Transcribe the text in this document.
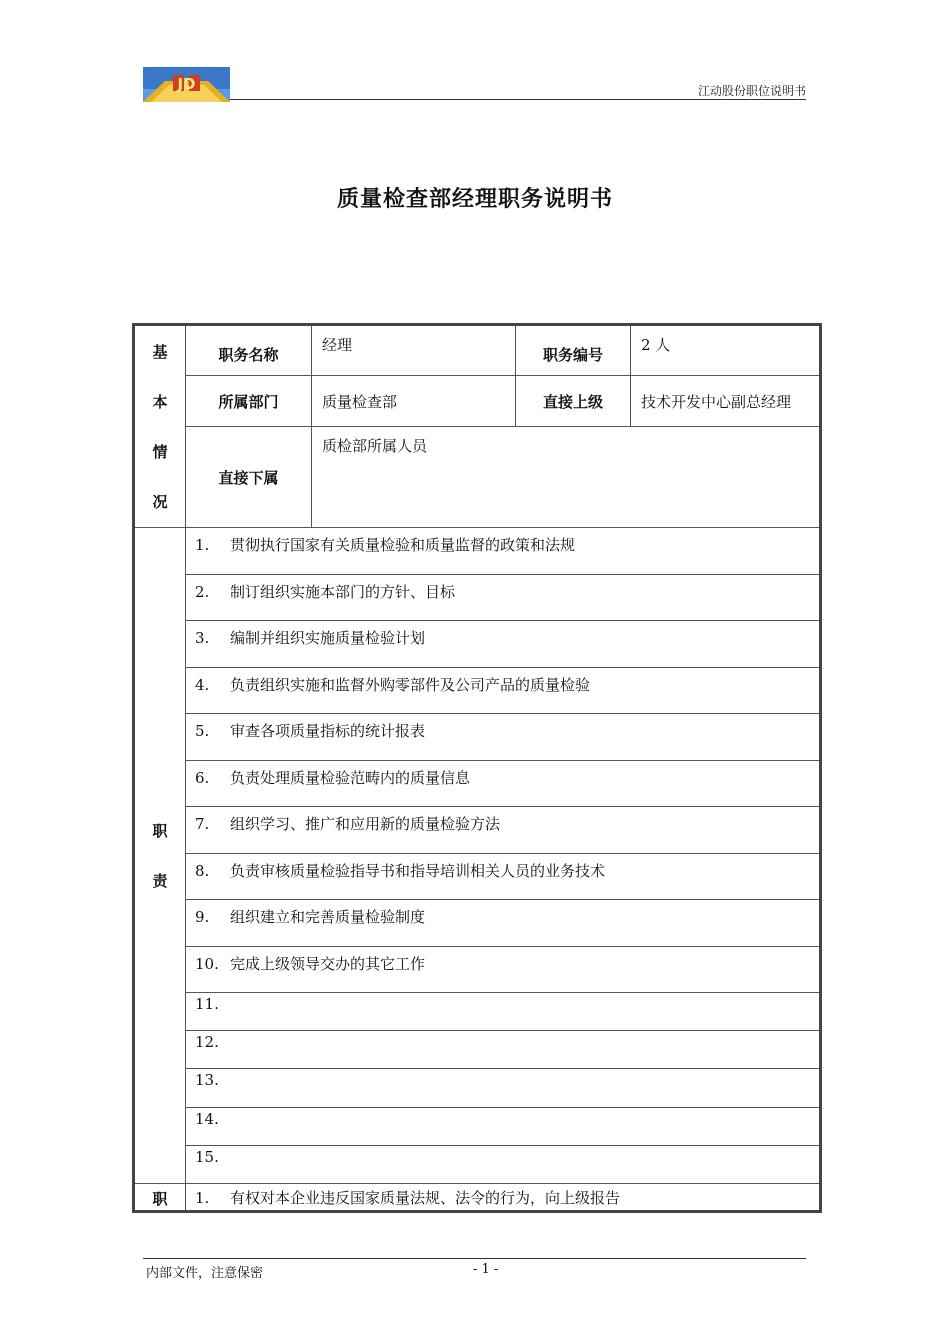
JD	江动股份职位说明书
质量检查部经理职务说明书
基
本
情
况	职务名称	经理	职务编号	2 人
	所属部门	质量检查部	直接上级	技术开发中心副总经理
	直接下属	质检部所属人员		

职
责	1. 贯彻执行国家有关质量检验和质量监督的政策和法规			
	2. 制订组织实施本部门的方针、目标			
	3. 编制并组织实施质量检验计划			
	4. 负责组织实施和监督外购零部件及公司产品的质量检验			
	5. 审查各项质量指标的统计报表			
	6. 负责处理质量检验范畴内的质量信息			
	7. 组织学习、推广和应用新的质量检验方法			
	8. 负责审核质量检验指导书和指导培训相关人员的业务技术			
	9. 组织建立和完善质量检验制度			
	10. 完成上级领导交办的其它工作			
	11.			
	12.			
	13.			
	14.			
	15.			
职	1. 有权对本企业违反国家质量法规、法令的行为，向上级报告			
内部文件，注意保密	- 1 -
